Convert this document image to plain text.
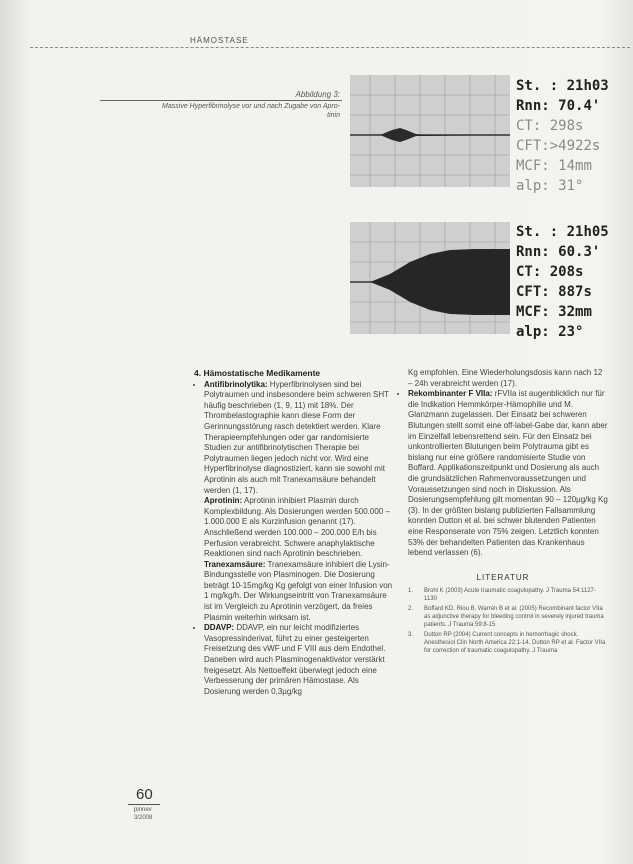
HÄMOSTASE
Abbildung 3:
Massive Hyperfibrinolyse vor und nach Zugabe von Apro-
tinin
St. : 21h03
Rnn: 70.4'
CT: 298s
CFT:>4922s
MCF: 14mm
alp: 31°
St. : 21h05
Rnn: 60.3'
CT: 208s
CFT: 887s
MCF: 32mm
alp: 23°
4. Hämostatische Medikamente
• Antifibrinolytika: Hyperfibrinolysen sind bei Polytraumen und insbesondere beim schweren SHT häufig beschrieben (1, 9, 11) mit 18%. Der Thrombelastographie kann diese Form der Gerinnungsstörung rasch detektiert werden. Klare Therapieempfehlungen oder gar randomisierte Studien zur antifibrinolytischen Therapie bei Polytraumen liegen jedoch nicht vor. Wird eine Hyperfibrinolyse diagnostiziert, kann sie sowohl mit Aprotinin als auch mit Tranexamsäure behandelt werden (1, 17).

Aprotinin: Aprotinin inhibiert Plasmin durch Komplexbildung. Als Dosierungen werden 500.000 – 1.000.000 E als Kurzinfusion genannt (17). Anschließend werden 100.000 – 200.000 E/h bis Perfusion verabreicht. Schwere anaphylaktische Reaktionen sind nach Aprotinin beschrieben.

Tranexamsäure: Tranexamsäure inhibiert die Lysin-Bindungsstelle von Plasminogen. Die Dosierung beträgt 10-15mg/kg Kg gefolgt von einer Infusion von 1 mg/kg/h. Der Wirkungseintritt von Tranexamsäure ist im Vergleich zu Aprotinin verzögert, da freies Plasmin weiterhin wirksam ist.

• DDAVP: DDAVP, ein nur leicht modifiziertes Vasopressinderivat, führt zu einer gesteigerten Freisetzung des vWF und F VIII aus dem Endothel. Daneben wird auch Plasminogenaktivator verstärkt freigesetzt. Als Nettoeffekt überwiegt jedoch eine Verbesserung der primären Hämostase. Als Dosierung werden 0,3µg/kg

Kg empfohlen. Eine Wiederholungsdosis kann nach 12 – 24h verabreicht werden (17).

• Rekombinanter F VIIa: rFVIIa ist augenblicklich nur für die Indikation Hemmkörper-Hämophilie und M. Glanzmann zugelassen. Der Einsatz bei schweren Blutungen stellt somit eine off-label-Gabe dar, kann aber im Einzelfall lebensrettend sein. Für den Einsatz bei unkontrollierten Blutungen beim Polytrauma gibt es bislang nur eine größere randomisierte Studie von Boffard. Applikationszeitpunkt und Dosierung als auch die grundsätzlichen Rahmenvoraussetzungen und Voraussetzungen sind noch in Diskussion. Als Dosierungsempfehlung gilt momentan 90 – 120µg/kg Kg (3). In der größten bislang publizierten Fallsammlung konnten Dutton et al. bei schwer blutenden Patienten eine Responserate von 75% zeigen. Letztlich konnten 53% der behandelten Patienten das Krankenhaus lebend verlassen (6).
LITERATUR
1.	Brohi K (2003) Acute traumatic coagulopathy. J Trauma 54:1127-1130
2.	Boffard KD, Riou B, Warren B et al. (2005) Recombinant factor VIIa as adjunctive therapy for bleeding control in severely injured trauma patients. J Trauma 59:8-15
3.	Dutton RP (2004) Current concepts in hemorrhagic shock. Anesthesiol Clin North America 22:1-14. Dutton RP et al. Factor VIIa for correction of traumatic coagulopathy. J Trauma
60
pinnev
3/2008
